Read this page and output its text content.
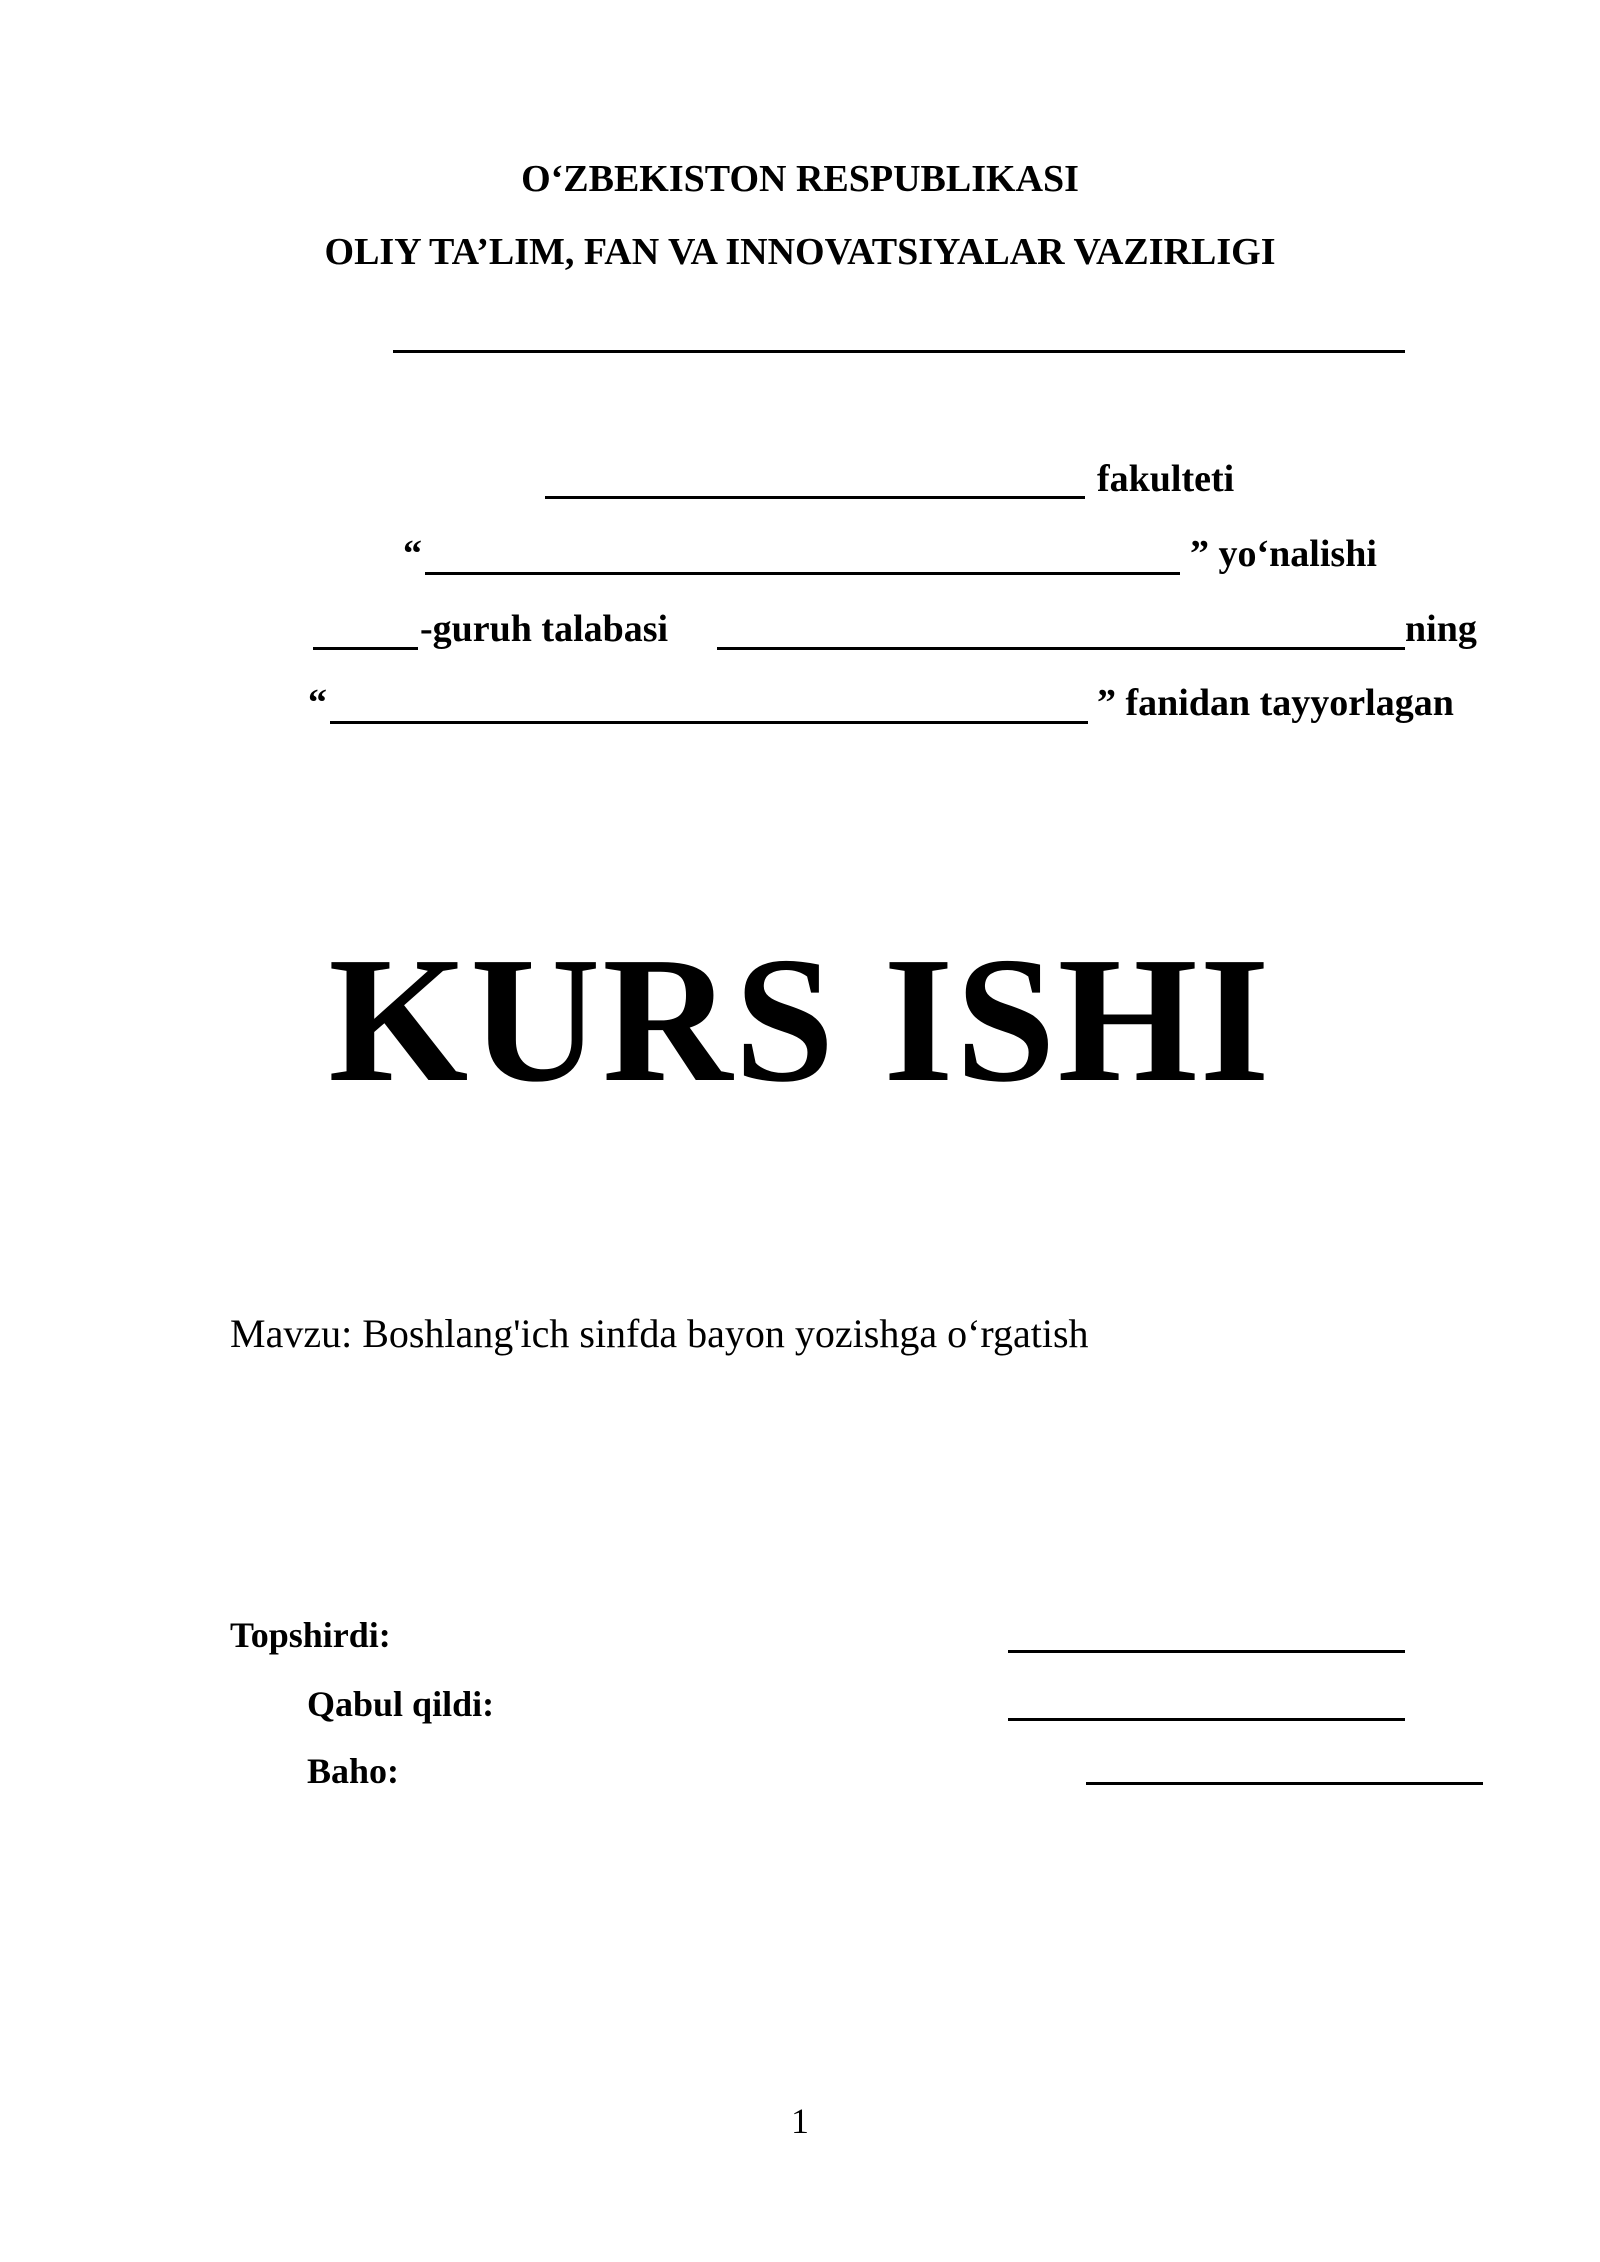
O‘ZBEKISTON RESPUBLIKASI
OLIY TA’LIM, FAN VA INNOVATSIYALAR VAZIRLIGI
fakulteti
“	” yo‘nalishi
-guruh talabasi	ning
“	” fanidan tayyorlagan
KURS ISHI
Mavzu: Boshlang'ich sinfda bayon yozishga o‘rgatish
Topshirdi:
Qabul qildi:
Baho:
1
